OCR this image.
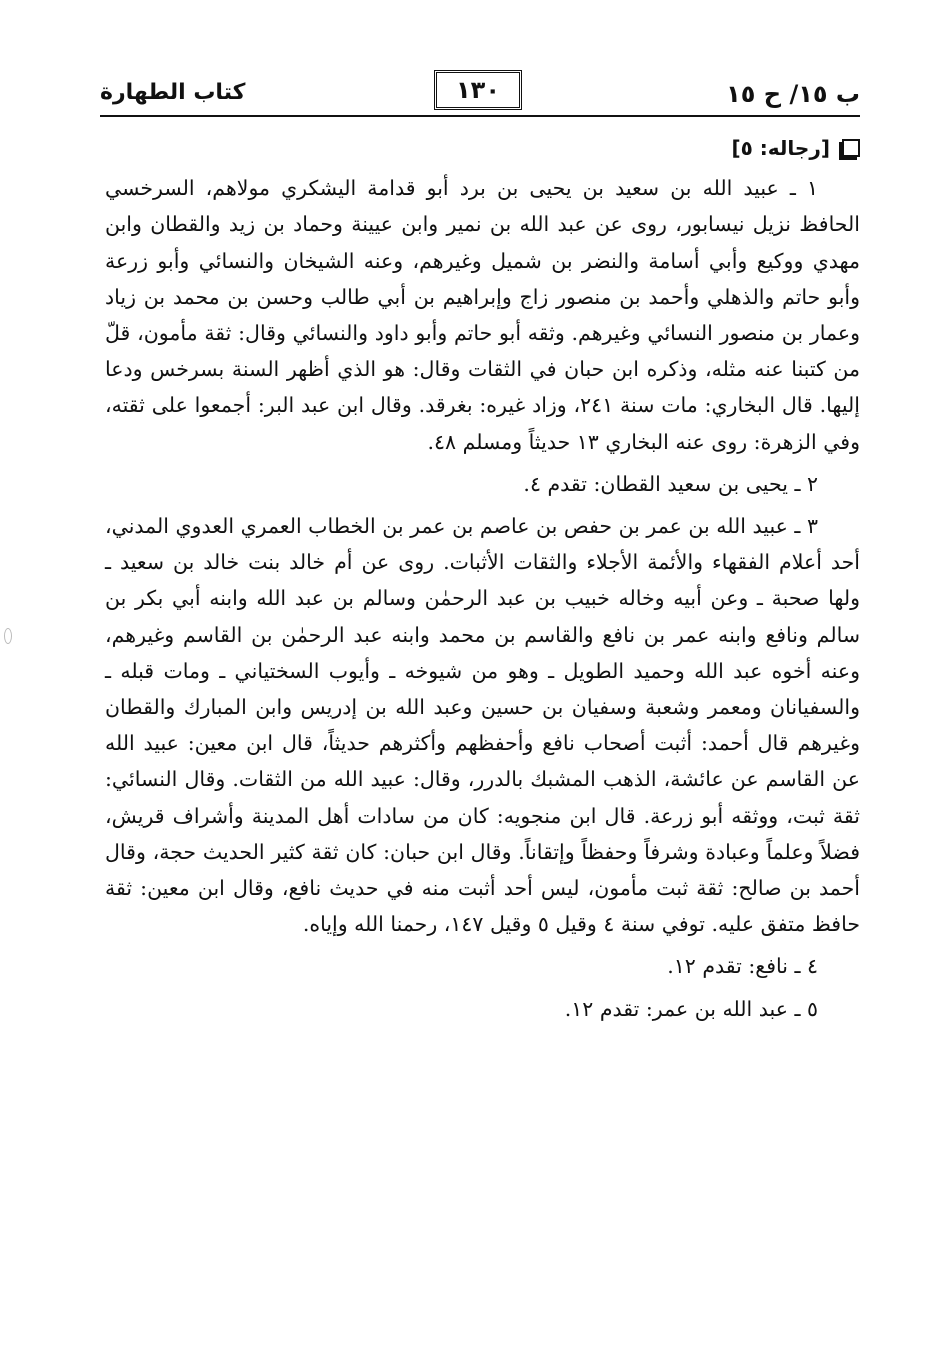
ب ١٥/ ح ١٥
١٣٠
كتاب الطهارة
[رجاله: ٥]

١ ـ عبيد الله بن سعيد بن يحيى بن برد أبو قدامة اليشكري مولاهم، السرخسي الحافظ نزيل نيسابور، روى عن عبد الله بن نمير وابن عيينة وحماد بن زيد والقطان وابن مهدي ووكيع وأبي أسامة والنضر بن شميل وغيرهم، وعنه الشيخان والنسائي وأبو زرعة وأبو حاتم والذهلي وأحمد بن منصور زاج وإبراهيم بن أبي طالب وحسن بن محمد بن زياد وعمار بن منصور النسائي وغيرهم. وثقه أبو حاتم وأبو داود والنسائي وقال: ثقة مأمون، قلّ من كتبنا عنه مثله، وذكره ابن حبان في الثقات وقال: هو الذي أظهر السنة بسرخس ودعا إليها. قال البخاري: مات سنة ٢٤١، وزاد غيره: بغرقد. وقال ابن عبد البر: أجمعوا على ثقته، وفي الزهرة: روى عنه البخاري ١٣ حديثاً ومسلم ٤٨.

٢ ـ يحيى بن سعيد القطان: تقدم ٤.

٣ ـ عبيد الله بن عمر بن حفص بن عاصم بن عمر بن الخطاب العمري العدوي المدني، أحد أعلام الفقهاء والأئمة الأجلاء والثقات الأثبات. روى عن أم خالد بنت خالد بن سعيد ـ ولها صحبة ـ وعن أبيه وخاله خبيب بن عبد الرحمٰن وسالم بن عبد الله وابنه أبي بكر بن سالم ونافع وابنه عمر بن نافع والقاسم بن محمد وابنه عبد الرحمٰن بن القاسم وغيرهم، وعنه أخوه عبد الله وحميد الطويل ـ وهو من شيوخه ـ وأيوب السختياني ـ ومات قبله ـ والسفيانان ومعمر وشعبة وسفيان بن حسين وعبد الله بن إدريس وابن المبارك والقطان وغيرهم قال أحمد: أثبت أصحاب نافع وأحفظهم وأكثرهم حديثاً، قال ابن معين: عبيد الله عن القاسم عن عائشة، الذهب المشبك بالدرر، وقال: عبيد الله من الثقات. وقال النسائي: ثقة ثبت، ووثقه أبو زرعة. قال ابن منجويه: كان من سادات أهل المدينة وأشراف قريش، فضلاً وعلماً وعبادة وشرفاً وحفظاً وإتقاناً. وقال ابن حبان: كان ثقة كثير الحديث حجة، وقال أحمد بن صالح: ثقة ثبت مأمون، ليس أحد أثبت منه في حديث نافع، وقال ابن معين: ثقة حافظ متفق عليه. توفي سنة ٤ وقيل ٥ وقيل ١٤٧، رحمنا الله وإياه.

٤ ـ نافع: تقدم ١٢.

٥ ـ عبد الله بن عمر: تقدم ١٢.
